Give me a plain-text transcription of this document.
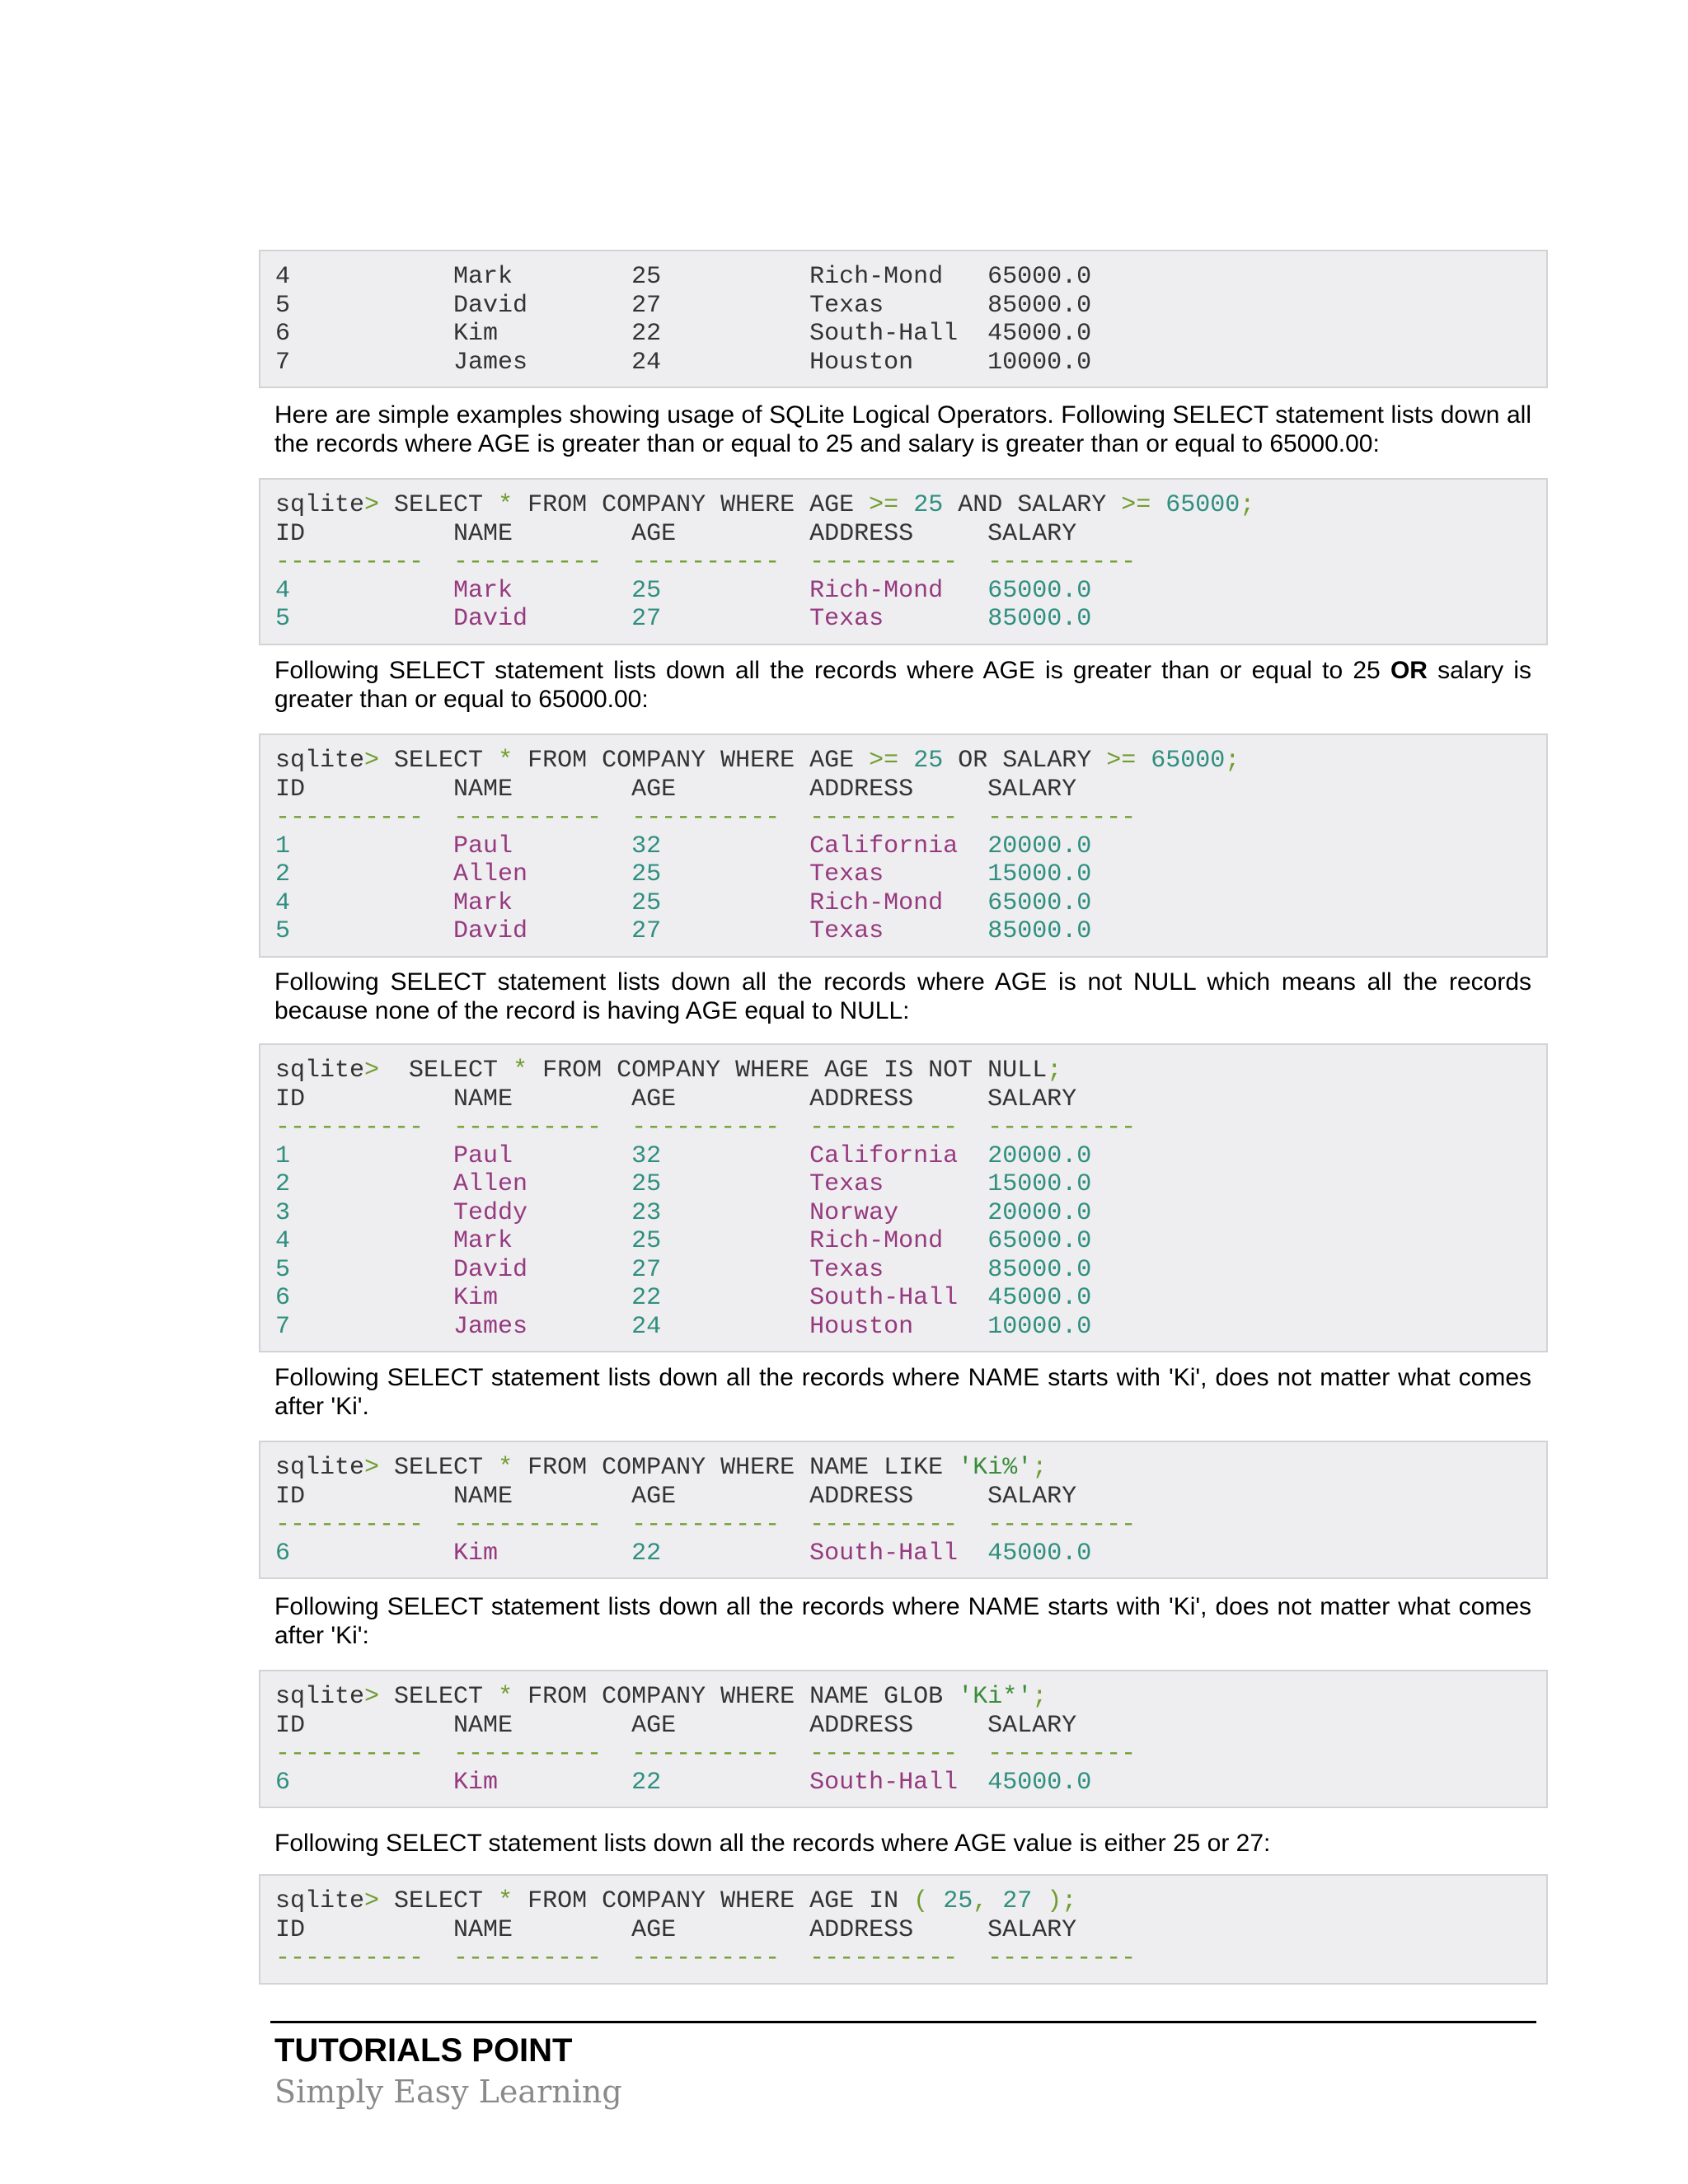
4           Mark        25          Rich-Mond   65000.0
5           David       27          Texas       85000.0
6           Kim         22          South-Hall  45000.0
7           James       24          Houston     10000.0

Here are simple examples showing usage of SQLite Logical Operators. Following SELECT statement lists down all the records where AGE is greater than or equal to 25 and salary is greater than or equal to 65000.00:

sqlite> SELECT * FROM COMPANY WHERE AGE >= 25 AND SALARY >= 65000;
ID          NAME        AGE         ADDRESS     SALARY
----------  ----------  ----------  ----------  ----------
4           Mark        25          Rich-Mond   65000.0
5           David       27          Texas       85000.0

Following SELECT statement lists down all the records where AGE is greater than or equal to 25 OR salary is greater than or equal to 65000.00:

sqlite> SELECT * FROM COMPANY WHERE AGE >= 25 OR SALARY >= 65000;
ID          NAME        AGE         ADDRESS     SALARY
----------  ----------  ----------  ----------  ----------
1           Paul        32          California  20000.0
2           Allen       25          Texas       15000.0
4           Mark        25          Rich-Mond   65000.0
5           David       27          Texas       85000.0

Following SELECT statement lists down all the records where AGE is not NULL which means all the records because none of the record is having AGE equal to NULL:

sqlite>  SELECT * FROM COMPANY WHERE AGE IS NOT NULL;
ID          NAME        AGE         ADDRESS     SALARY
----------  ----------  ----------  ----------  ----------
1           Paul        32          California  20000.0
2           Allen       25          Texas       15000.0
3           Teddy       23          Norway      20000.0
4           Mark        25          Rich-Mond   65000.0
5           David       27          Texas       85000.0
6           Kim         22          South-Hall  45000.0
7           James       24          Houston     10000.0

Following SELECT statement lists down all the records where NAME starts with 'Ki', does not matter what comes after 'Ki'.

sqlite> SELECT * FROM COMPANY WHERE NAME LIKE 'Ki%';
ID          NAME        AGE         ADDRESS     SALARY
----------  ----------  ----------  ----------  ----------
6           Kim         22          South-Hall  45000.0

Following SELECT statement lists down all the records where NAME starts with 'Ki', does not matter what comes after 'Ki':

sqlite> SELECT * FROM COMPANY WHERE NAME GLOB 'Ki*';
ID          NAME        AGE         ADDRESS     SALARY
----------  ----------  ----------  ----------  ----------
6           Kim         22          South-Hall  45000.0

Following SELECT statement lists down all the records where AGE value is either 25 or 27:

sqlite> SELECT * FROM COMPANY WHERE AGE IN ( 25, 27 );
ID          NAME        AGE         ADDRESS     SALARY
----------  ----------  ----------  ----------  ----------
TUTORIALS POINT
Simply Easy Learning
